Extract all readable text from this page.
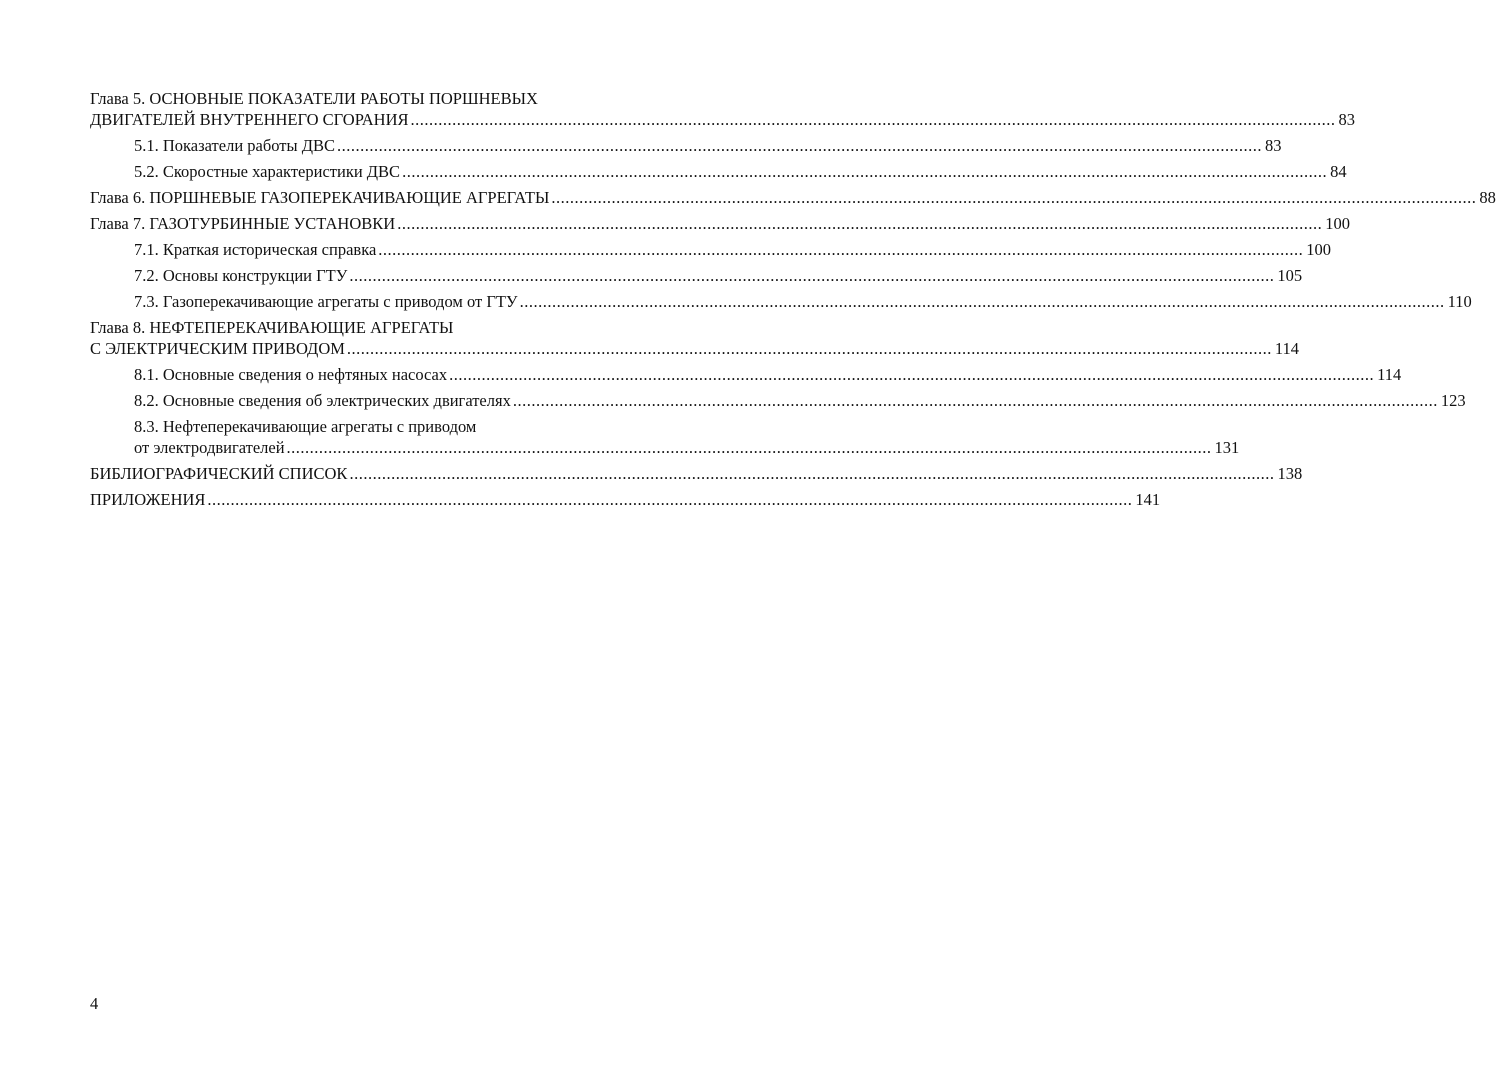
Глава 5. ОСНОВНЫЕ ПОКАЗАТЕЛИ РАБОТЫ ПОРШНЕВЫХ
ДВИГАТЕЛЕЙ ВНУТРЕННЕГО СГОРАНИЯ ........................................................................................................................................................................................................ 83
5.1. Показатели работы ДВС ........................................................................................................................................................................................................ 83
5.2. Скоростные характеристики ДВС ........................................................................................................................................................................................................ 84
Глава 6. ПОРШНЕВЫЕ ГАЗОПЕРЕКАЧИВАЮЩИЕ АГРЕГАТЫ ........................................................................................................................................................................................................ 88
Глава 7. ГАЗОТУРБИННЫЕ УСТАНОВКИ ........................................................................................................................................................................................................ 100
7.1. Краткая историческая справка ........................................................................................................................................................................................................ 100
7.2. Основы конструкции ГТУ ........................................................................................................................................................................................................ 105
7.3. Газоперекачивающие агрегаты с приводом от ГТУ ........................................................................................................................................................................................................ 110
Глава 8. НЕФТЕПЕРЕКАЧИВАЮЩИЕ АГРЕГАТЫ
С ЭЛЕКТРИЧЕСКИМ ПРИВОДОМ ........................................................................................................................................................................................................ 114
8.1. Основные сведения о нефтяных насосах ........................................................................................................................................................................................................ 114
8.2. Основные сведения об электрических двигателях ........................................................................................................................................................................................................ 123
8.3. Нефтеперекачивающие агрегаты с приводом
от электродвигателей ........................................................................................................................................................................................................ 131
БИБЛИОГРАФИЧЕСКИЙ СПИСОК ........................................................................................................................................................................................................ 138
ПРИЛОЖЕНИЯ ........................................................................................................................................................................................................ 141
4
